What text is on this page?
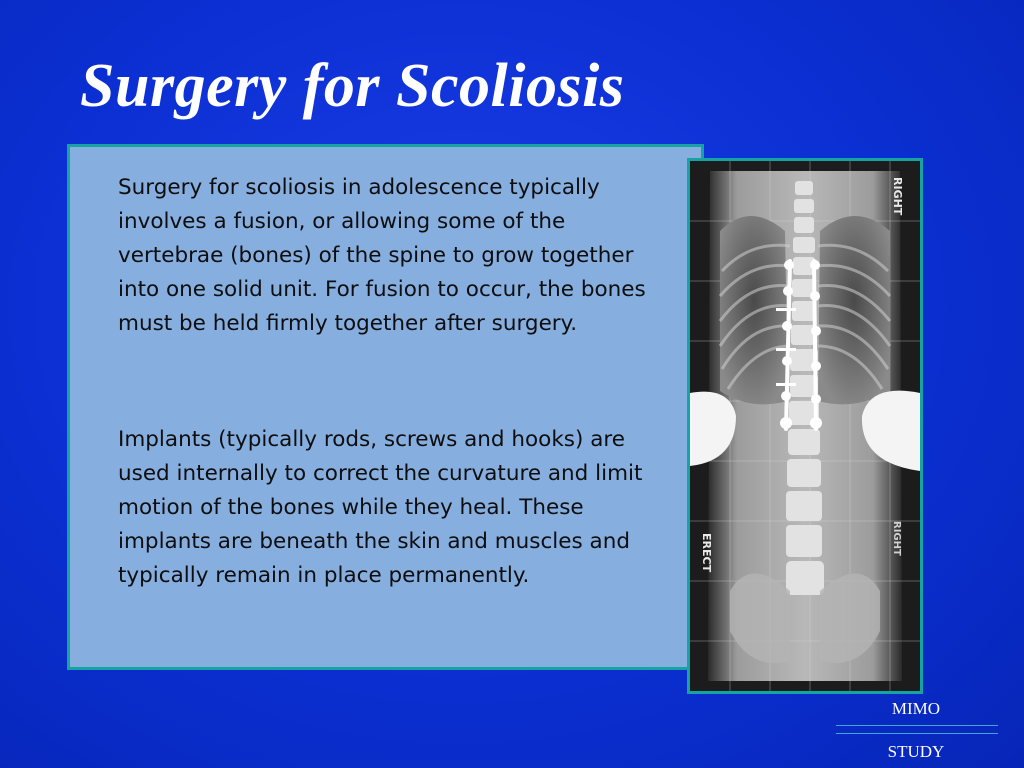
Surgery for Scoliosis

Surgery for scoliosis in adolescence typically involves a fusion, or allowing some of the vertebrae (bones) of the spine to grow together into one solid unit. For fusion to occur, the bones must be held firmly together after surgery.

Implants (typically rods, screws and hooks) are used internally to correct the curvature and limit motion of the bones while they heal. These implants are beneath the skin and muscles and typically remain in place permanently.

RIGHT
ERECT	RIGHT
MIMO
STUDY
